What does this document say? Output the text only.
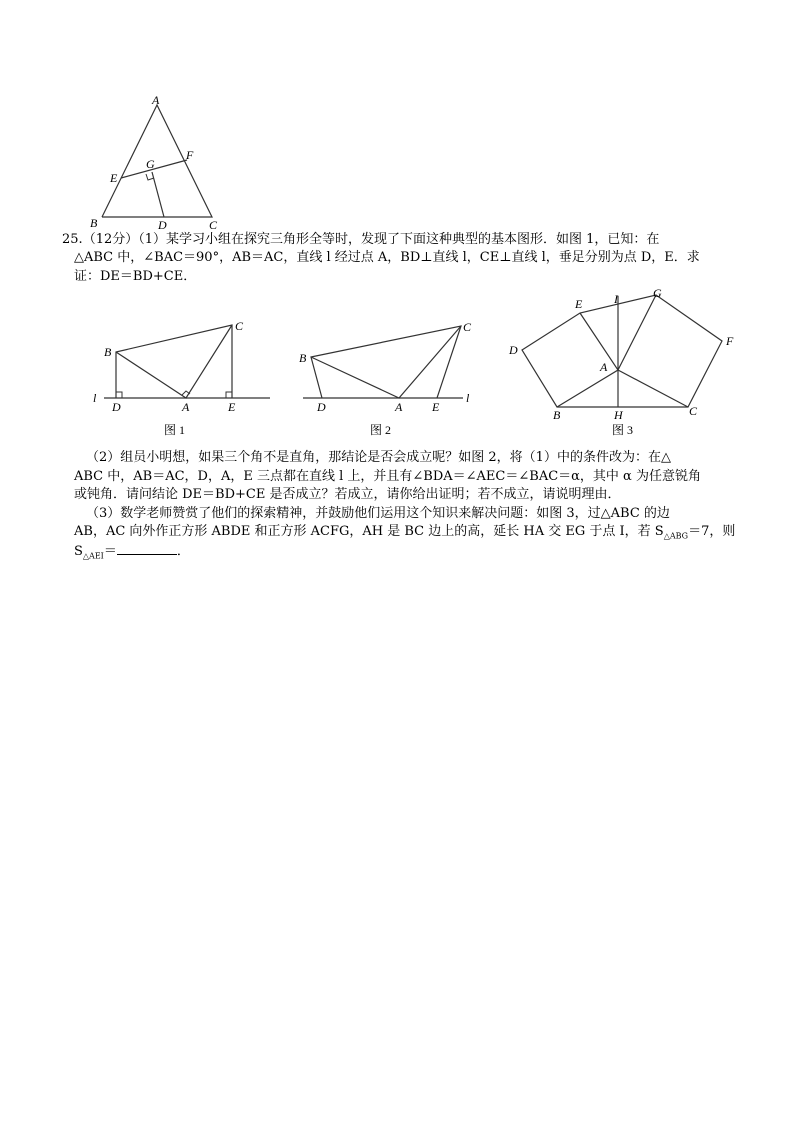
A
B	C
D
E
F
G
l
B
D	A	E
C
图 1
l
B
D	A E
C
图 2
D
E	I	G
F
A
B	H	C
图 3
25.（12分）（1）某学习小组在探究三角形全等时，发现了下面这种典型的基本图形．如图 1，已知：在
△ABC 中，∠BAC＝90°，AB＝AC，直线 l 经过点 A，BD⊥直线 l，CE⊥直线 l，垂足分别为点 D，E．求
证：DE＝BD+CE．
（2）组员小明想，如果三个角不是直角，那结论是否会成立呢？如图 2，将（1）中的条件改为：在△
ABC 中，AB＝AC，D，A，E 三点都在直线 l 上，并且有∠BDA＝∠AEC＝∠BAC＝α，其中 α 为任意锐角
或钝角．请问结论 DE＝BD+CE 是否成立？若成立，请你给出证明；若不成立，请说明理由．
（3）数学老师赞赏了他们的探索精神，并鼓励他们运用这个知识来解决问题：如图 3，过△ABC 的边
AB，AC 向外作正方形 ABDE 和正方形 ACFG，AH 是 BC 边上的高，延长 HA 交 EG 于点 I，若 $S_{\triangle ABG}=7$，则
$S_{\triangle AEI}=$	．
